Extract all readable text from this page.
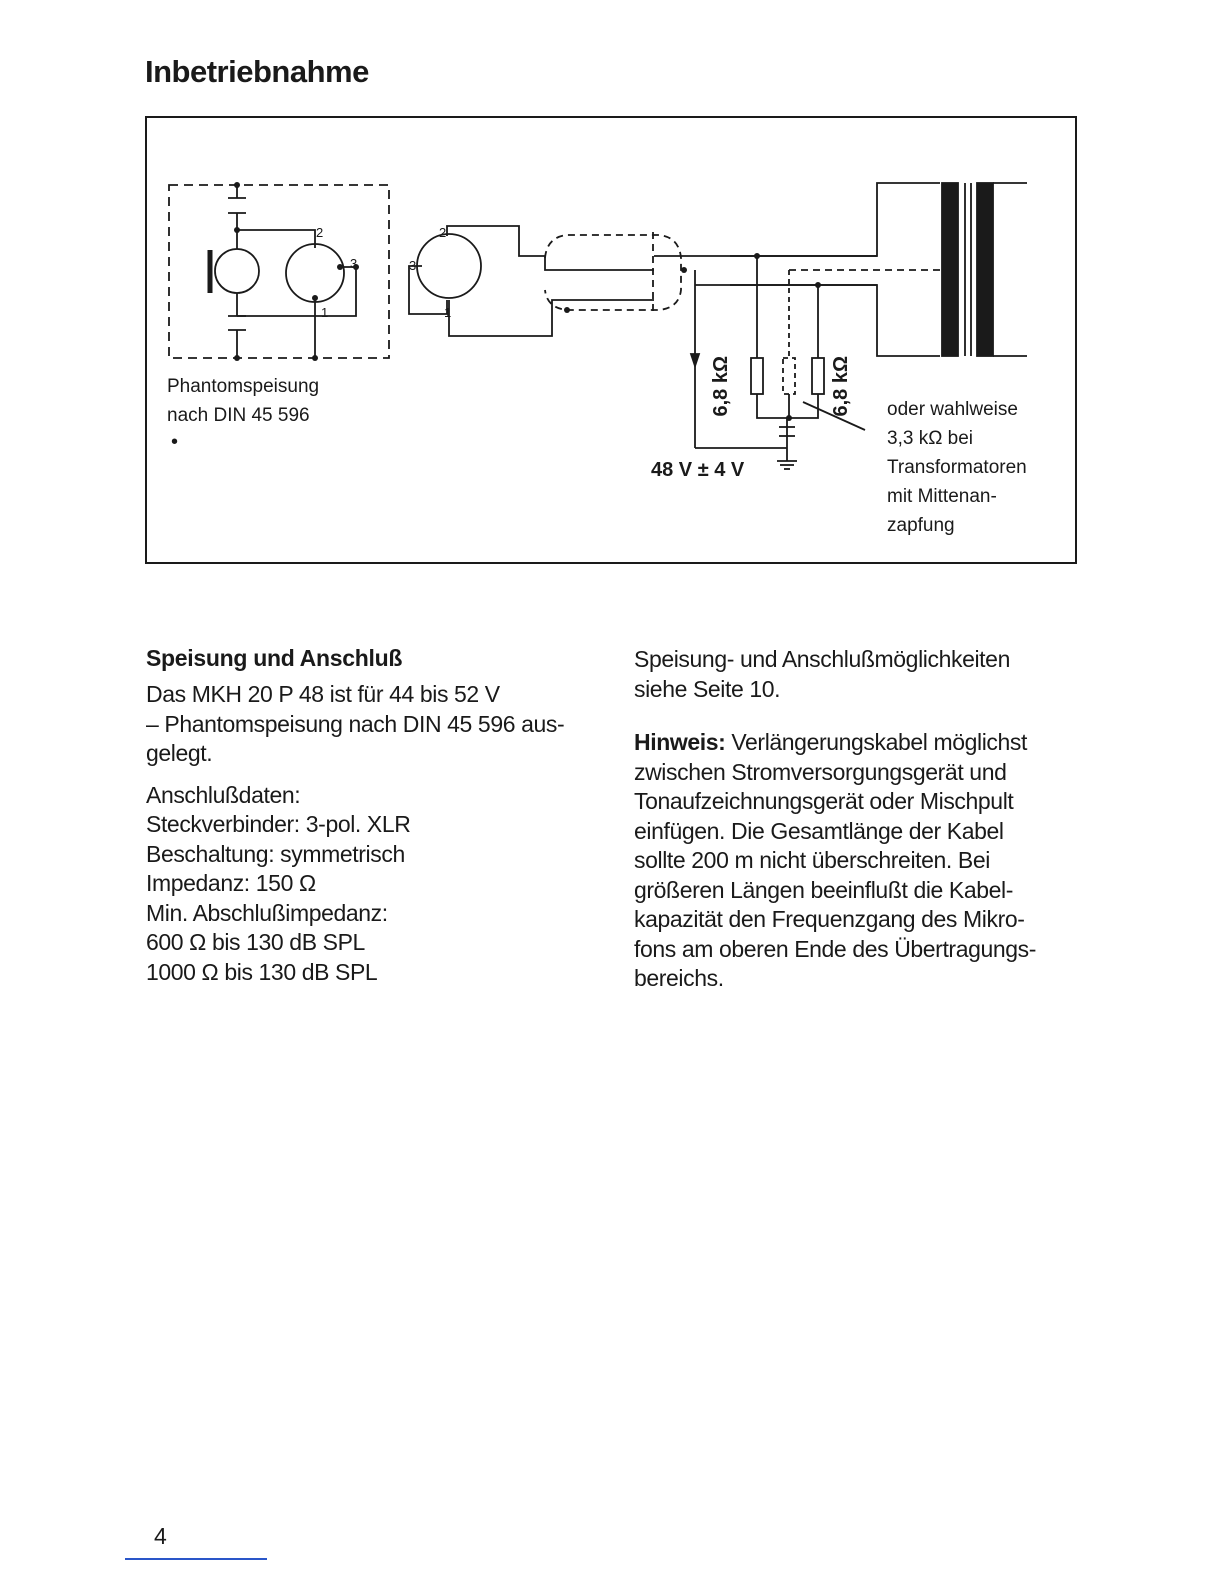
Inbetriebnahme
2
3
1
2
3
1
Phantomspeisung
nach DIN 45 596
•
6,8 kΩ	6,8 kΩ
48 V ± 4 V
oder wahlweise
3,3 kΩ bei
Transformatoren
mit Mittenan-
zapfung
Speisung und Anschluß

Das MKH 20 P 48 ist für 44 bis 52 V
– Phantomspeisung nach DIN 45 596 aus-
gelegt.

Anschlußdaten:
Steckverbinder: 3-pol. XLR
Beschaltung: symmetrisch
Impedanz: 150 Ω
Min. Abschlußimpedanz:
600 Ω bis 130 dB SPL
1000 Ω bis 130 dB SPL

Speisung- und Anschlußmöglichkeiten
siehe Seite 10.

Hinweis: Verlängerungskabel möglichst
zwischen Stromversorgungsgerät und
Tonaufzeichnungsgerät oder Mischpult
einfügen. Die Gesamtlänge der Kabel
sollte 200 m nicht überschreiten. Bei
größeren Längen beeinflußt die Kabel-
kapazität den Frequenzgang des Mikro-
fons am oberen Ende des Übertragungs-
bereichs.

4
